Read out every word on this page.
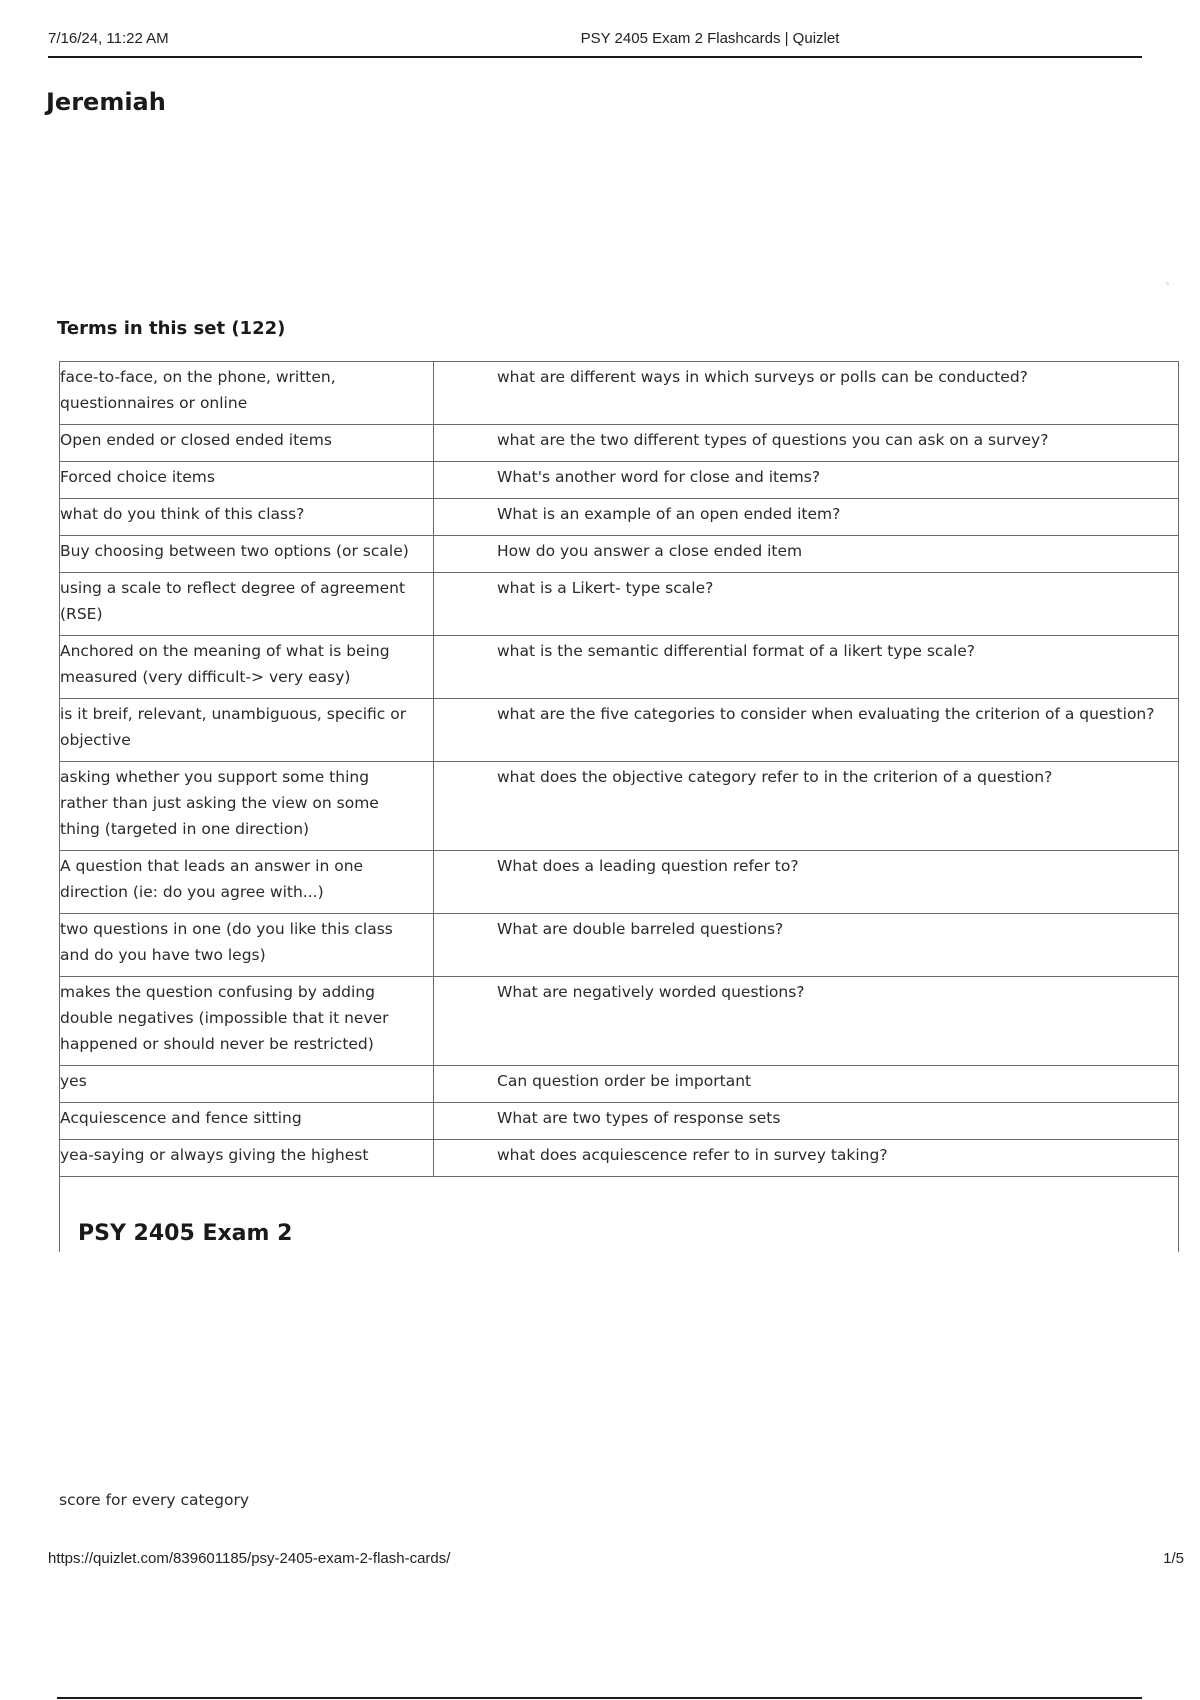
7/16/24, 11:22 AM	PSY 2405 Exam 2 Flashcards | Quizlet
Jeremiah
Terms in this set (122)
face-to-face, on the phone, written, questionnaires or online	what are different ways in which surveys or polls can be conducted?
Open ended or closed ended items	what are the two different types of questions you can ask on a survey?
Forced choice items	What's another word for close and items?
what do you think of this class?	What is an example of an open ended item?
Buy choosing between two options (or scale)	How do you answer a close ended item
using a scale to reflect degree of agreement (RSE)	what is a Likert- type scale?
Anchored on the meaning of what is being measured (very difficult-> very easy)	what is the semantic differential format of a likert type scale?
is it breif, relevant, unambiguous, specific or objective	what are the five categories to consider when evaluating the criterion of a question?
asking whether you support some thing rather than just asking the view on some thing (targeted in one direction)	what does the objective category refer to in the criterion of a question?
A question that leads an answer in one direction (ie: do you agree with...)	What does a leading question refer to?
two questions in one (do you like this class and do you have two legs)	What are double barreled questions?
makes the question confusing by adding double negatives (impossible that it never happened or should never be restricted)	What are negatively worded questions?
yes	Can question order be important
Acquiescence and fence sitting	What are two types of response sets
yea-saying or always giving the highest	what does acquiescence refer to in survey taking?
PSY 2405 Exam 2
score for every category
https://quizlet.com/839601185/psy-2405-exam-2-flash-cards/	1/5
